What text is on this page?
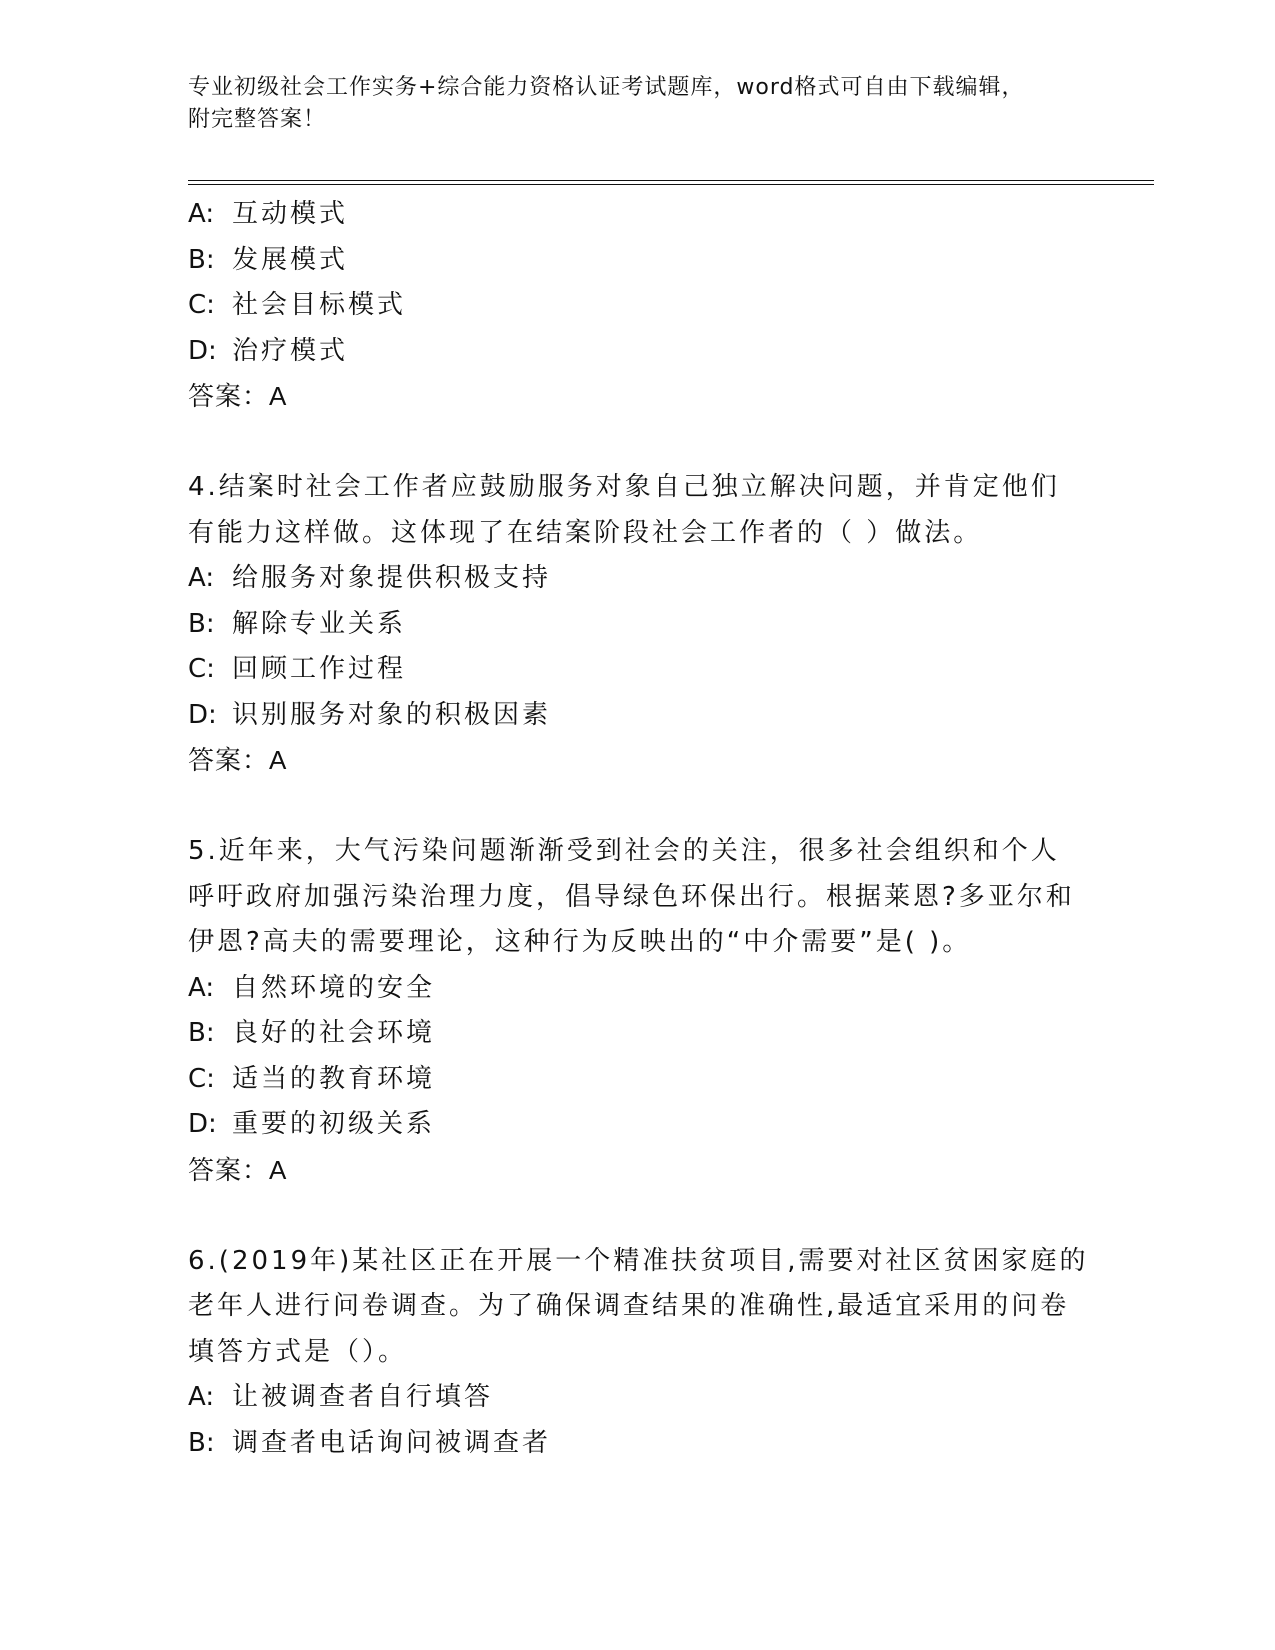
专业初级社会工作实务+综合能力资格认证考试题库，word格式可自由下载编辑，
附完整答案！
A: 互动模式
B: 发展模式
C: 社会目标模式
D: 治疗模式
答案：A
4.结案时社会工作者应鼓励服务对象自己独立解决问题，并肯定他们
有能力这样做。这体现了在结案阶段社会工作者的（ ）做法。
A: 给服务对象提供积极支持
B: 解除专业关系
C: 回顾工作过程
D: 识别服务对象的积极因素
答案：A
5.近年来，大气污染问题渐渐受到社会的关注，很多社会组织和个人
呼吁政府加强污染治理力度，倡导绿色环保出行。根据莱恩?多亚尔和
伊恩?高夫的需要理论，这种行为反映出的“中介需要”是( )。
A: 自然环境的安全
B: 良好的社会环境
C: 适当的教育环境
D: 重要的初级关系
答案：A
6.(2019年)某社区正在开展一个精准扶贫项目,需要对社区贫困家庭的
老年人进行问卷调查。为了确保调查结果的准确性,最适宜采用的问卷
填答方式是（）。
A: 让被调查者自行填答
B: 调查者电话询问被调查者
